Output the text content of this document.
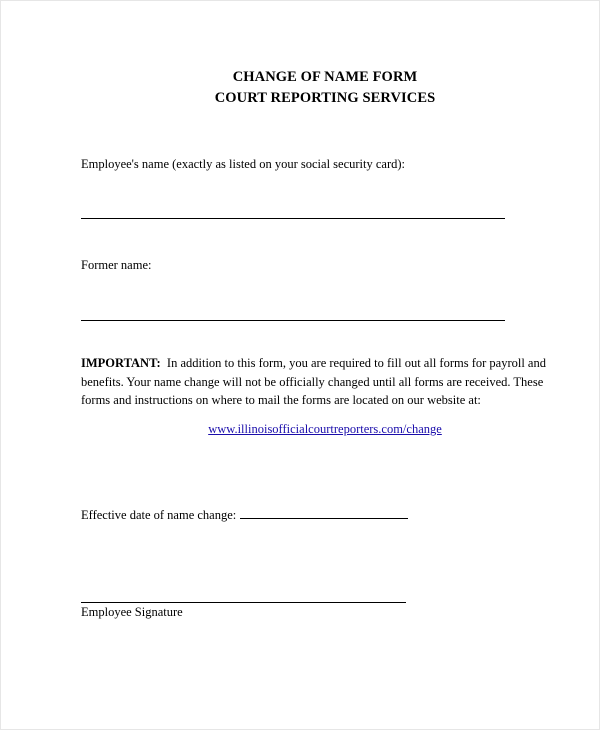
CHANGE OF NAME FORM
COURT REPORTING SERVICES
Employee's name (exactly as listed on your social security card):
Former name:
IMPORTANT: In addition to this form, you are required to fill out all forms for payroll and benefits. Your name change will not be officially changed until all forms are received. These forms and instructions on where to mail the forms are located on our website at:
www.illinoisofficialcourtreporters.com/change
Effective date of name change:
Employee Signature
